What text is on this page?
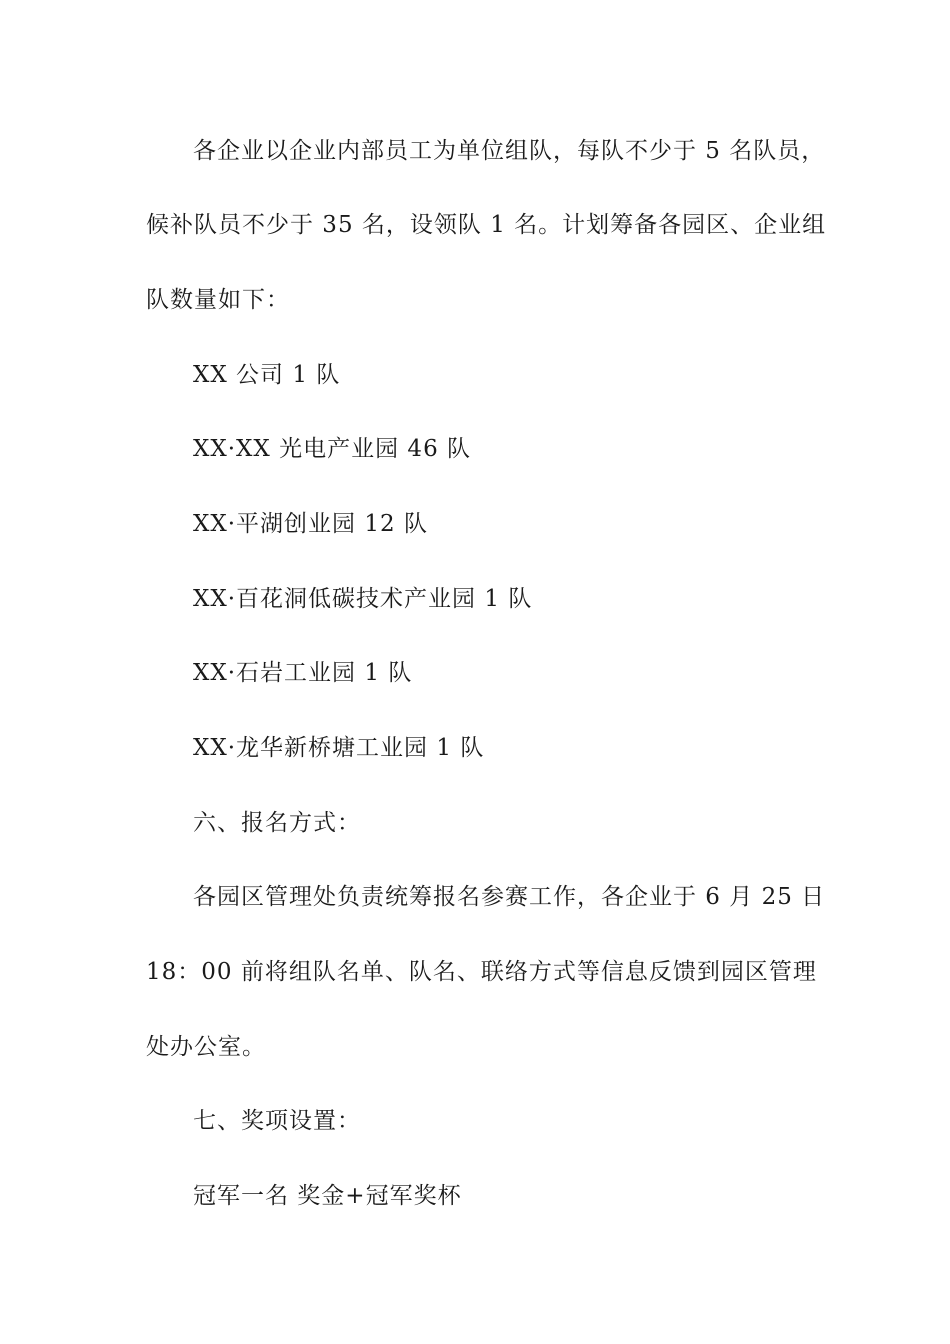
各企业以企业内部员工为单位组队，每队不少于 5 名队员，
候补队员不少于 35 名，设领队 1 名。计划筹备各园区、企业组
队数量如下：
XX 公司 1 队
XX·XX 光电产业园 46 队
XX·平湖创业园 12 队
XX·百花洞低碳技术产业园 1 队
XX·石岩工业园 1 队
XX·龙华新桥塘工业园 1 队
六、报名方式：
各园区管理处负责统筹报名参赛工作，各企业于 6 月 25 日
18：00 前将组队名单、队名、联络方式等信息反馈到园区管理
处办公室。
七、奖项设置：
冠军一名 奖金+冠军奖杯
